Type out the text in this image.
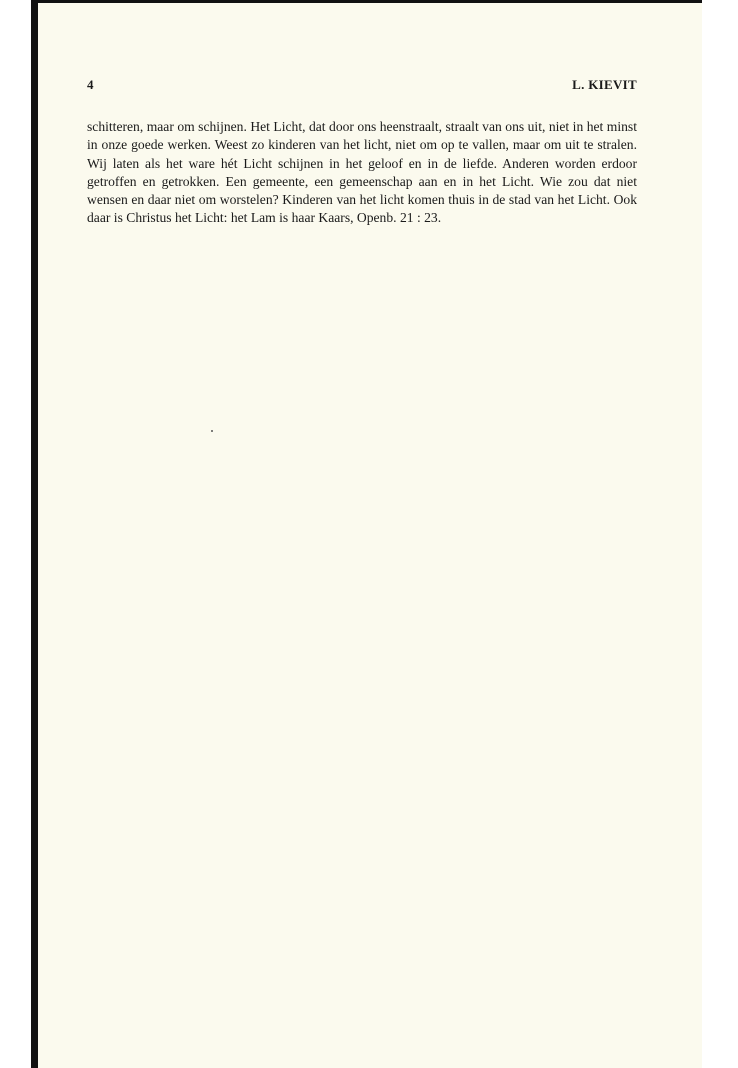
4	L. KIEVIT

schitteren, maar om schijnen. Het Licht, dat door ons heenstraalt, straalt van ons uit, niet in het minst in onze goede werken. Weest zo kinderen van het licht, niet om op te vallen, maar om uit te stralen. Wij laten als het ware hét Licht schijnen in het geloof en in de liefde. Anderen worden erdoor getroffen en getrokken. Een gemeente, een gemeenschap aan en in het Licht. Wie zou dat niet wensen en daar niet om worstelen? Kinderen van het licht komen thuis in de stad van het Licht. Ook daar is Christus het Licht: het Lam is haar Kaars, Openb. 21 : 23.
